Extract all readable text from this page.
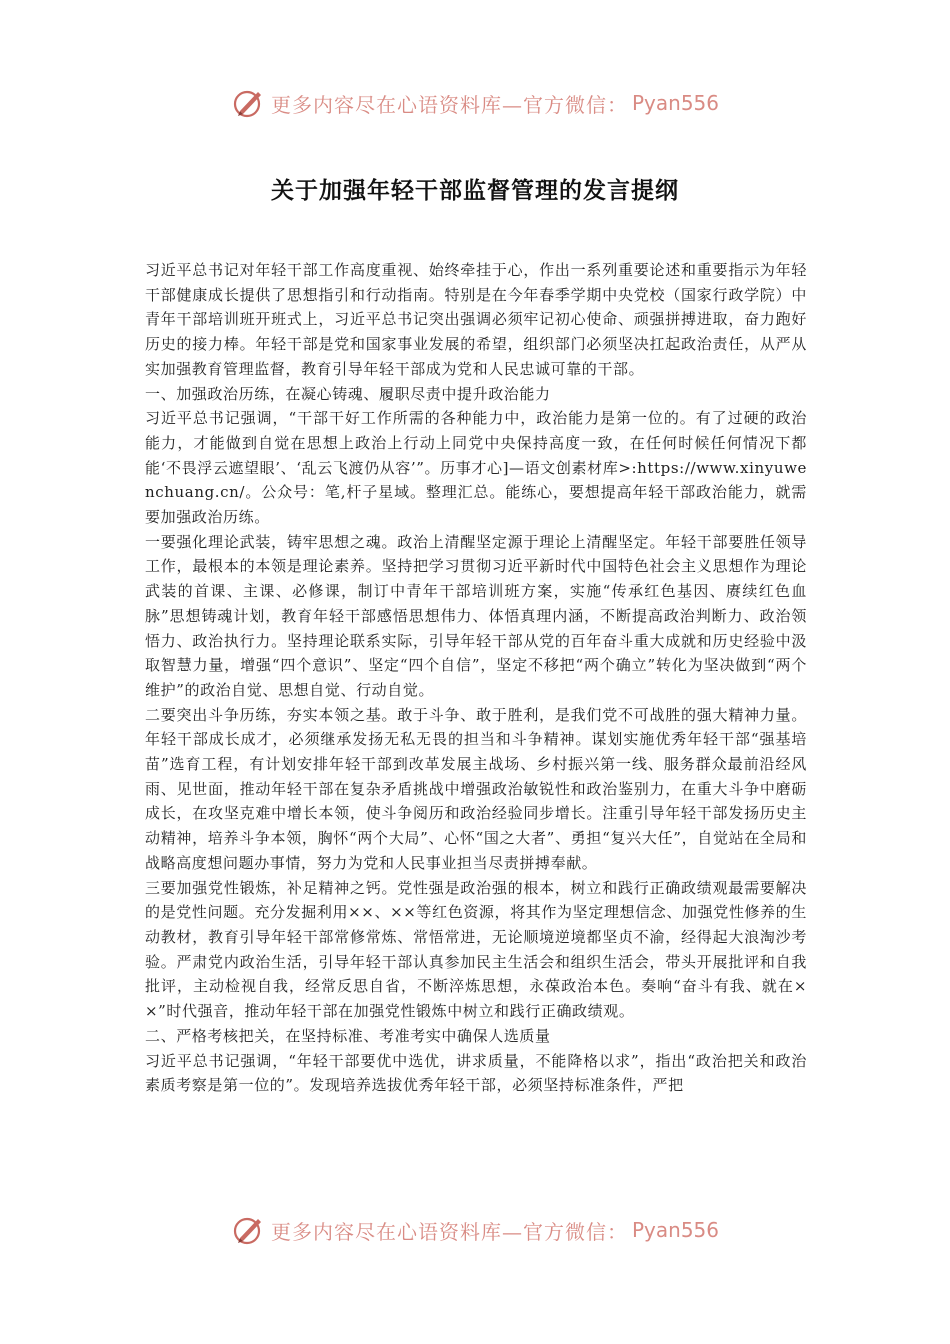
更多内容尽在心语资料库—官方微信： Pyan556
关于加强年轻干部监督管理的发言提纲

习近平总书记对年轻干部工作高度重视、始终牵挂于心，作出一系列重要论述和重要指示为年轻干部健康成长提供了思想指引和行动指南。特别是在今年春季学期中央党校（国家行政学院）中青年干部培训班开班式上，习近平总书记突出强调必须牢记初心使命、顽强拼搏进取，奋力跑好历史的接力棒。年轻干部是党和国家事业发展的希望，组织部门必须坚决扛起政治责任，从严从实加强教育管理监督，教育引导年轻干部成为党和人民忠诚可靠的干部。

一、加强政治历练，在凝心铸魂、履职尽责中提升政治能力

习近平总书记强调，“干部干好工作所需的各种能力中，政治能力是第一位的。有了过硬的政治能力，才能做到自觉在思想上政治上行动上同党中央保持高度一致，在任何时候任何情况下都能‘不畏浮云遮望眼’、‘乱云飞渡仍从容’”。历事才心]—语文创素材库>:https://www.xinyuwenchuang.cn/。公众号：笔,杆子星域。整理汇总。能练心，要想提高年轻干部政治能力，就需要加强政治历练。

一要强化理论武装，铸牢思想之魂。政治上清醒坚定源于理论上清醒坚定。年轻干部要胜任领导工作，最根本的本领是理论素养。坚持把学习贯彻习近平新时代中国特色社会主义思想作为理论武装的首课、主课、必修课，制订中青年干部培训班方案，实施“传承红色基因、赓续红色血脉”思想铸魂计划，教育年轻干部感悟思想伟力、体悟真理内涵，不断提高政治判断力、政治领悟力、政治执行力。坚持理论联系实际，引导年轻干部从党的百年奋斗重大成就和历史经验中汲取智慧力量，增强“四个意识”、坚定“四个自信”，坚定不移把“两个确立”转化为坚决做到“两个维护”的政治自觉、思想自觉、行动自觉。

二要突出斗争历练，夯实本领之基。敢于斗争、敢于胜利，是我们党不可战胜的强大精神力量。年轻干部成长成才，必须继承发扬无私无畏的担当和斗争精神。谋划实施优秀年轻干部“强基培苗”选育工程，有计划安排年轻干部到改革发展主战场、乡村振兴第一线、服务群众最前沿经风雨、见世面，推动年轻干部在复杂矛盾挑战中增强政治敏锐性和政治鉴别力，在重大斗争中磨砺成长，在攻坚克难中增长本领，使斗争阅历和政治经验同步增长。注重引导年轻干部发扬历史主动精神，培养斗争本领，胸怀“两个大局”、心怀“国之大者”、勇担“复兴大任”，自觉站在全局和战略高度想问题办事情，努力为党和人民事业担当尽责拼搏奉献。

三要加强党性锻炼，补足精神之钙。党性强是政治强的根本，树立和践行正确政绩观最需要解决的是党性问题。充分发掘利用××、××等红色资源，将其作为坚定理想信念、加强党性修养的生动教材，教育引导年轻干部常修常炼、常悟常进，无论顺境逆境都坚贞不渝，经得起大浪淘沙考验。严肃党内政治生活，引导年轻干部认真参加民主生活会和组织生活会，带头开展批评和自我批评，主动检视自我，经常反思自省，不断淬炼思想，永葆政治本色。奏响“奋斗有我、就在××”时代强音，推动年轻干部在加强党性锻炼中树立和践行正确政绩观。

二、严格考核把关，在坚持标准、考准考实中确保人选质量

习近平总书记强调，“年轻干部要优中选优，讲求质量，不能降格以求”，指出“政治把关和政治素质考察是第一位的”。发现培养选拔优秀年轻干部，必须坚持标准条件，严把

更多内容尽在心语资料库—官方微信： Pyan556
